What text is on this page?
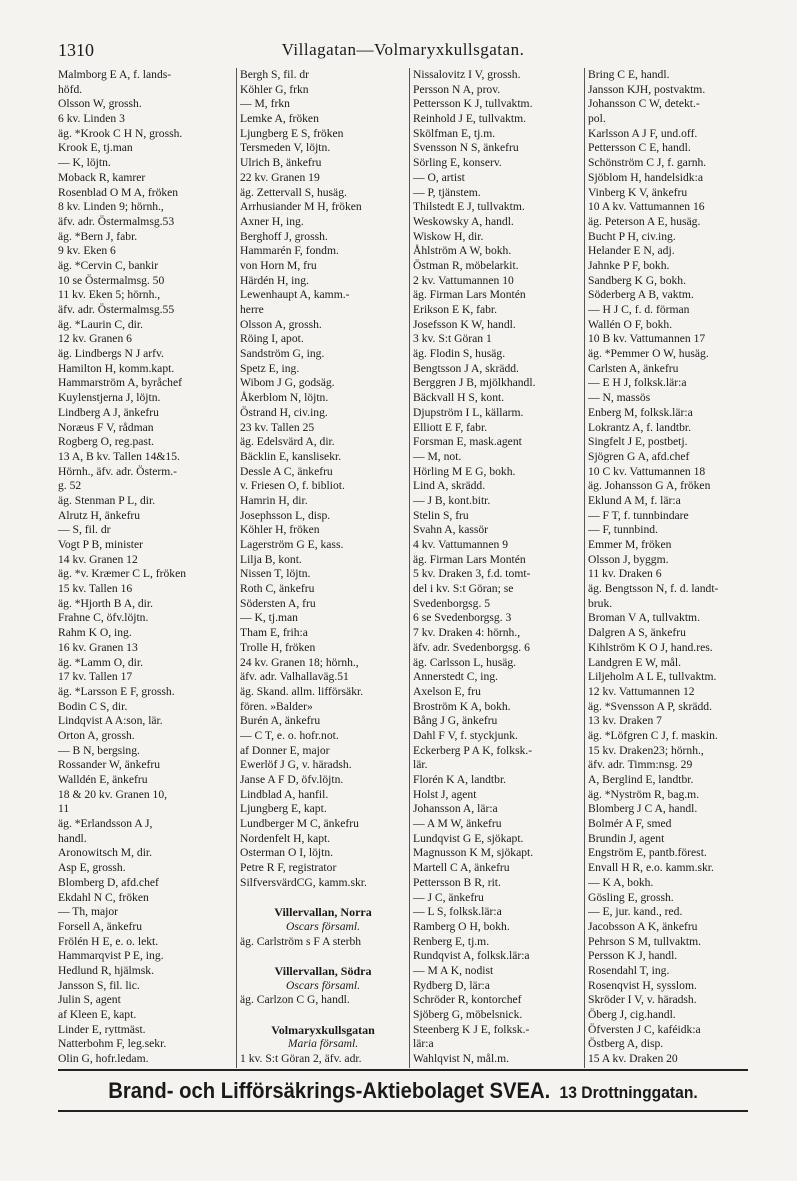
1310	Villagatan—Volmaryxkullsgatan.
Malmborg E A, f. lands-
höfd.
Olsson W, grossh.
6 kv. Linden 3
äg. *Krook C H N, grossh.
Krook E, tj.man
— K, löjtn.
Moback R, kamrer
Rosenblad O M A, fröken
8 kv. Linden 9; hörnh.,
äfv. adr. Östermalmsg.53
äg. *Bern J, fabr.
9 kv. Eken 6
äg. *Cervin C, bankir
10 se Östermalmsg. 50
11 kv. Eken 5; hörnh.,
äfv. adr. Östermalmsg.55
äg. *Laurin C, dir.
12 kv. Granen 6
äg. Lindbergs N J arfv.
Hamilton H, komm.kapt.
Hammarström A, byråchef
Kuylenstjerna J, löjtn.
Lindberg A J, änkefru
Noræus F V, rådman
Rogberg O, reg.past.
13 A, B kv. Tallen 14&15.
Hörnh., äfv. adr. Österm.-
g. 52
äg. Stenman P L, dir.
Alrutz H, änkefru
— S, fil. dr
Vogt P B, minister
14 kv. Granen 12
äg. *v. Kræmer C L, fröken
15 kv. Tallen 16
äg. *Hjorth B A, dir.
Frahne C, öfv.löjtn.
Rahm K O, ing.
16 kv. Granen 13
äg. *Lamm O, dir.
17 kv. Tallen 17
äg. *Larsson E F, grossh.
Bodin C S, dir.
Lindqvist A A:son, lär.
Orton A, grossh.
— B N, bergsing.
Rossander W, änkefru
Walldén E, änkefru
18 & 20 kv. Granen 10,
11
äg. *Erlandsson A J,
handl.
Aronowitsch M, dir.
Asp E, grossh.
Blomberg D, afd.chef
Ekdahl N C, fröken
— Th, major
Forsell A, änkefru
Frölén H E, e. o. lekt.
Hammarqvist P E, ing.
Hedlund R, hjälmsk.
Jansson S, fil. lic.
Julin S, agent
af Kleen E, kapt.
Linder E, ryttmäst.
Natterbohm F, leg.sekr.
Olin G, hofr.ledam.
Bergh S, fil. dr
Köhler G, frkn
— M, frkn
Lemke A, fröken
Ljungberg E S, fröken
Tersmeden V, löjtn.
Ulrich B, änkefru
22 kv. Granen 19
äg. Zettervall S, husäg.
Arrhusiander M H, fröken
Axner H, ing.
Berghoff J, grossh.
Hammarén F, fondm.
von Horn M, fru
Härdén H, ing.
Lewenhaupt A, kamm.-
herre
Olsson A, grossh.
Röing I, apot.
Sandström G, ing.
Spetz E, ing.
Wibom J G, godsäg.
Åkerblom N, löjtn.
Östrand H, civ.ing.
23 kv. Tallen 25
äg. Edelsvärd A, dir.
Bäcklin E, kanslisekr.
Dessle A C, änkefru
v. Friesen O, f. bibliot.
Hamrin H, dir.
Josephsson L, disp.
Köhler H, fröken
Lagerström G E, kass.
Lilja B, kont.
Nissen T, löjtn.
Roth C, änkefru
Södersten A, fru
— K, tj.man
Tham E, frih:a
Trolle H, fröken
24 kv. Granen 18; hörnh.,
äfv. adr. Valhallaväg.51
äg. Skand. allm. lifförsäkr.
fören. »Balder»
Burén A, änkefru
— C T, e. o. hofr.not.
af Donner E, major
Ewerlöf J G, v. häradsh.
Janse A F D, öfv.löjtn.
Lindblad A, hanfil.
Ljungberg E, kapt.
Lundberger M C, änkefru
Nordenfelt H, kapt.
Osterman O I, löjtn.
Petre R F, registrator
SilfversvärdCG, kamm.skr.
Villervallan, Norra
Oscars församl.
äg. Carlström s F A sterbh
Villervallan, Södra
Oscars församl.
äg. Carlzon C G, handl.
Volmaryxkullsgatan
Maria församl.
1 kv. S:t Göran 2, äfv. adr.
Nissalovitz I V, grossh.
Persson N A, prov.
Pettersson K J, tullvaktm.
Reinhold J E, tullvaktm.
Skölfman E, tj.m.
Svensson N S, änkefru
Sörling E, konserv.
— O, artist
— P, tjänstem.
Thilstedt E J, tullvaktm.
Weskowsky A, handl.
Wiskow H, dir.
Åhlström A W, bokh.
Östman R, möbelarkit.
2 kv. Vattumannen 10
äg. Firman Lars Montén
Erikson E K, fabr.
Josefsson K W, handl.
3 kv. S:t Göran 1
äg. Flodin S, husäg.
Bengtsson J A, skrädd.
Berggren J B, mjölkhandl.
Bäckvall H S, kont.
Djupström I L, källarm.
Elliott E F, fabr.
Forsman E, mask.agent
— M, not.
Hörling M E G, bokh.
Lind A, skrädd.
— J B, kont.bitr.
Stelin S, fru
Svahn A, kassör
4 kv. Vattumannen 9
äg. Firman Lars Montén
5 kv. Draken 3, f.d. tomt-
del i kv. S:t Göran; se
Svedenborgsg. 5
6 se Svedenborgsg. 3
7 kv. Draken 4: hörnh.,
äfv. adr. Svedenborgsg. 6
äg. Carlsson L, husäg.
Annerstedt C, ing.
Axelson E, fru
Broström K A, bokh.
Bång J G, änkefru
Dahl F V, f. styckjunk.
Eckerberg P A K, folksk.-
lär.
Florén K A, landtbr.
Holst J, agent
Johansson A, lär:a
— A M W, änkefru
Lundqvist G E, sjökapt.
Magnusson K M, sjökapt.
Martell C A, änkefru
Pettersson B R, rit.
— J C, änkefru
— L S, folksk.lär:a
Ramberg O H, bokh.
Renberg E, tj.m.
Rundqvist A, folksk.lär:a
— M A K, nodist
Rydberg D, lär:a
Schröder R, kontorchef
Sjöberg G, möbelsnick.
Steenberg K J E, folksk.-
lär:a
Wahlqvist N, mål.m.
Bring C E, handl.
Jansson KJH, postvaktm.
Johansson C W, detekt.-
pol.
Karlsson A J F, und.off.
Pettersson C E, handl.
Schönström C J, f. garnh.
Sjöblom H, handelsidk:a
Vinberg K V, änkefru
10 A kv. Vattumannen 16
äg. Peterson A E, husäg.
Bucht P H, civ.ing.
Helander E N, adj.
Jahnke P F, bokh.
Sandberg K G, bokh.
Söderberg A B, vaktm.
— H J C, f. d. förman
Wallén O F, bokh.
10 B kv. Vattumannen 17
äg. *Pemmer O W, husäg.
Carlsten A, änkefru
— E H J, folksk.lär:a
— N, massös
Enberg M, folksk.lär:a
Lokrantz A, f. landtbr.
Singfelt J E, postbetj.
Sjögren G A, afd.chef
10 C kv. Vattumannen 18
äg. Johansson G A, fröken
Eklund A M, f. lär:a
— F T, f. tunnbindare
— F, tunnbind.
Emmer M, fröken
Olsson J, byggm.
11 kv. Draken 6
äg. Bengtsson N, f. d. landt-
bruk.
Broman V A, tullvaktm.
Dalgren A S, änkefru
Kihlström K O J, hand.res.
Landgren E W, mål.
Liljeholm A L E, tullvaktm.
12 kv. Vattumannen 12
äg. *Svensson A P, skrädd.
13 kv. Draken 7
äg. *Löfgren C J, f. maskin.
15 kv. Draken23; hörnh.,
äfv. adr. Timm:nsg. 29
A, Berglind E, landtbr.
äg. *Nyström R, bag.m.
Blomberg J C A, handl.
Bolmér A F, smed
Brundin J, agent
Engström E, pantb.förest.
Envall H R, e.o. kamm.skr.
— K A, bokh.
Gösling E, grossh.
— E, jur. kand., red.
Jacobsson A K, änkefru
Pehrson S M, tullvaktm.
Persson K J, handl.
Rosendahl T, ing.
Rosenqvist H, sysslom.
Skröder I V, v. häradsh.
Öberg J, cig.handl.
Öfversten J C, kaféidk:a
Östberg A, disp.
15 A kv. Draken 20
Brand- och Lifförsäkrings-Aktiebolaget SVEA. 13 Drottninggatan.
